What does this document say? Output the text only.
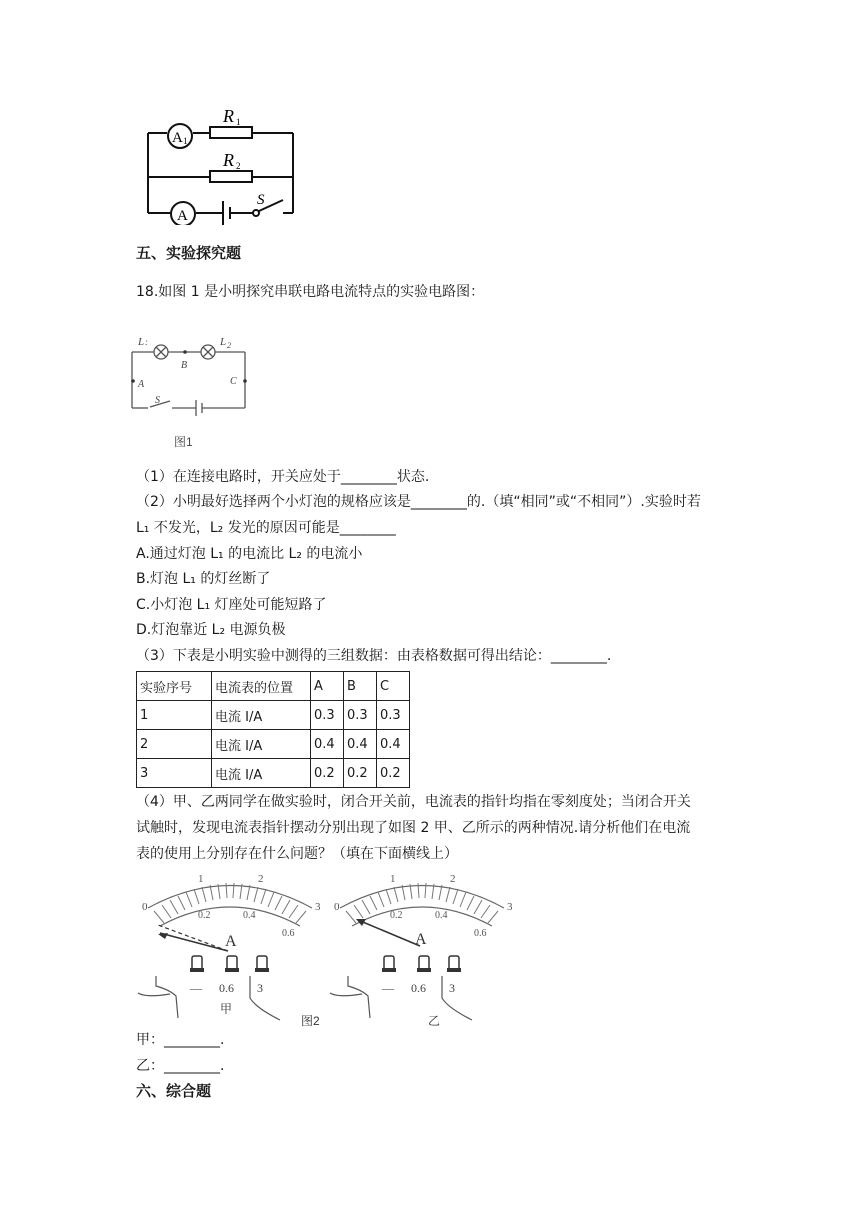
A 1
R 1
R 2
A
S
五、实验探究题
18.如图 1 是小明探究串联电路电流特点的实验电路图：
L :	L 2
B
A	C
S
图1
（1）在连接电路时，开关应处于________状态.
（2）小明最好选择两个小灯泡的规格应该是________的.（填“相同”或“不相同”）.实验时若
L₁ 不发光，L₂ 发光的原因可能是________
A.通过灯泡 L₁ 的电流比 L₂ 的电流小
B.灯泡 L₁ 的灯丝断了
C.小灯泡 L₁ 灯座处可能短路了
D.灯泡靠近 L₂ 电源负极
（3）下表是小明实验中测得的三组数据：由表格数据可得出结论：________.
实验序号	电流表的位置	A	B	C
1	电流 I/A	0.3	0.3	0.3
2	电流 I/A	0.4	0.4	0.4
3	电流 I/A	0.2	0.2	0.2
（4）甲、乙两同学在做实验时，闭合开关前，电流表的指针均指在零刻度处；当闭合开关
试触时，发现电流表指针摆动分别出现了如图 2 甲、乙所示的两种情况.请分析他们在电流
表的使用上分别存在什么问题？（填在下面横线上）
0
1	2
3
0.2	0.4
0.6
A
— 0.6 3
甲
0
1	2
3
0.2	0.4
0.6
A
— 0.6 3
乙
图2
甲：________.
乙：________.
六、综合题
